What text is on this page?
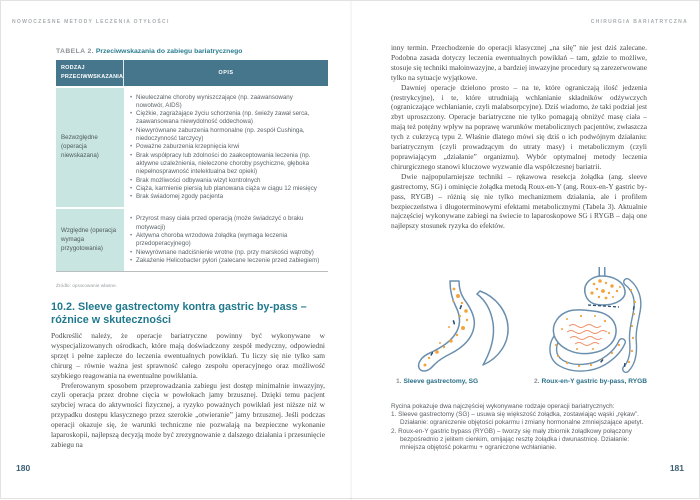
NOWOCZESNE METODY LECZENIA OTYŁOŚCI
TABELA 2. Przeciwwskazania do zabiegu bariatrycznego
RODZAJ PRZECIWWSKAZANIA
OPIS
Bezwzględne (operacja niewskazana)
• Nieuleczalne choroby wyniszczające (np. zaawansowany nowotwór, AIDS)
• Ciężkie, zagrażające życiu schorzenia (np. świeży zawał serca, zaawansowana niewydolność oddechowa)
• Niewyrównane zaburzenia hormonalne (np. zespół Cushinga, niedoczynność tarczycy)
• Poważne zaburzenia krzepnięcia krwi
• Brak współpracy lub zdolności do zaakceptowania leczenia (np. aktywne uzależnienia, nieleczone choroby psychiczne, głęboka niepełnosprawność intelektualna bez opieki)
• Brak możliwości odbywania wizyt kontrolnych
• Ciąża, karmienie piersią lub planowana ciąża w ciągu 12 miesięcy
• Brak świadomej zgody pacjenta
Względne (operacja wymaga przygotowania)
• Przyrost masy ciała przed operacją (może świadczyć o braku motywacji)
• Aktywna choroba wrzodowa żołądka (wymaga leczenia przedoperacyjnego)
• Niewyrównane nadciśnienie wrotne (np. przy marskości wątroby)
• Zakażenie Helicobacter pylori (zalecane leczenie przed zabiegiem)
Źródło: opracowanie własne.
10.2. Sleeve gastrectomy kontra gastric by-pass – różnice w skuteczności

Podkreślić należy, że operacje bariatryczne powinny być wykonywane w wyspecjalizowanych ośrodkach, które mają doświadczony zespół medyczny, odpowiedni sprzęt i pełne zaplecze do leczenia ewentualnych powikłań. Tu liczy się nie tylko sam chirurg – równie ważna jest sprawność całego zespołu operacyjnego oraz możliwość szybkiego reagowania na ewentualne powikłania.

Preferowanym sposobem przeprowadzania zabiegu jest dostęp minimalnie inwazyjny, czyli operacja przez drobne cięcia w powłokach jamy brzusznej. Dzięki temu pacjent szybciej wraca do aktywności fizycznej, a ryzyko poważnych powikłań jest niższe niż w przypadku dostępu klasycznego przez szerokie „otwieranie” jamy brzusznej. Jeśli podczas operacji okazuje się, że warunki techniczne nie pozwalają na bezpieczne wykonanie laparoskopii, najlepszą decyzją może być zrezygnowanie z dalszego działania i przesunięcie zabiegu na

180
CHIRURGIA BARIATRYCZNA

inny termin. Przechodzenie do operacji klasycznej „na siłę” nie jest dziś zalecane. Podobna zasada dotyczy leczenia ewentualnych powikłań – tam, gdzie to możliwe, stosuje się techniki małoinwazyjne, a bardziej inwazyjne procedury są zarezerwowane tylko na sytuacje wyjątkowe.

Dawniej operacje dzielono prosto – na te, które ograniczają ilość jedzenia (restrykcyjne), i te, które utrudniają wchłanianie składników odżywczych (ograniczające wchłanianie, czyli malabsorpcyjne). Dziś wiadomo, że taki podział jest zbyt uproszczony. Operacje bariatryczne nie tylko pomagają obniżyć masę ciała – mają też potężny wpływ na poprawę warunków metabolicznych pacjentów, zwłaszcza tych z cukrzycą typu 2. Właśnie dlatego mówi się dziś o ich podwójnym działaniu: bariatrycznym (czyli prowadzącym do utraty masy) i metabolicznym (czyli poprawiającym „działanie” organizmu). Wybór optymalnej metody leczenia chirurgicznego stanowi kluczowe wyzwanie dla współczesnej bariatrii.

Dwie najpopularniejsze techniki – rękawowa resekcja żołądka (ang. sleeve gastrectomy, SG) i ominięcie żołądka metodą Roux-en-Y (ang. Roux-en-Y gastric by-pass, RYGB) – różnią się nie tylko mechanizmem działania, ale i profilem bezpieczeństwa i długoterminowymi efektami metabolicznymi (Tabela 3). Aktualnie najczęściej wykonywane zabiegi na świecie to laparoskopowe SG i RYGB – dają one najlepszy stosunek ryzyka do efektów.

1. Sleeve gastrectomy, SG	2. Roux-en-Y gastric by-pass, RYGB

Rycina pokazuje dwa najczęściej wykonywane rodzaje operacji bariatrycznych:

1. Sleeve gastrectomy (SG) – usuwa się większość żołądka, zostawiając wąski „rękaw”. Działanie: ograniczenie objętości pokarmu i zmiany hormonalne zmniejszające apetyt.
2. Roux-en-Y gastric bypass (RYGB) – tworzy się mały zbiornik żołądkowy połączony bezpośrednio z jelitem cienkim, omijając resztę żołądka i dwunastnicę. Działanie: mniejsza objętość pokarmu + ograniczone wchłanianie.
181
